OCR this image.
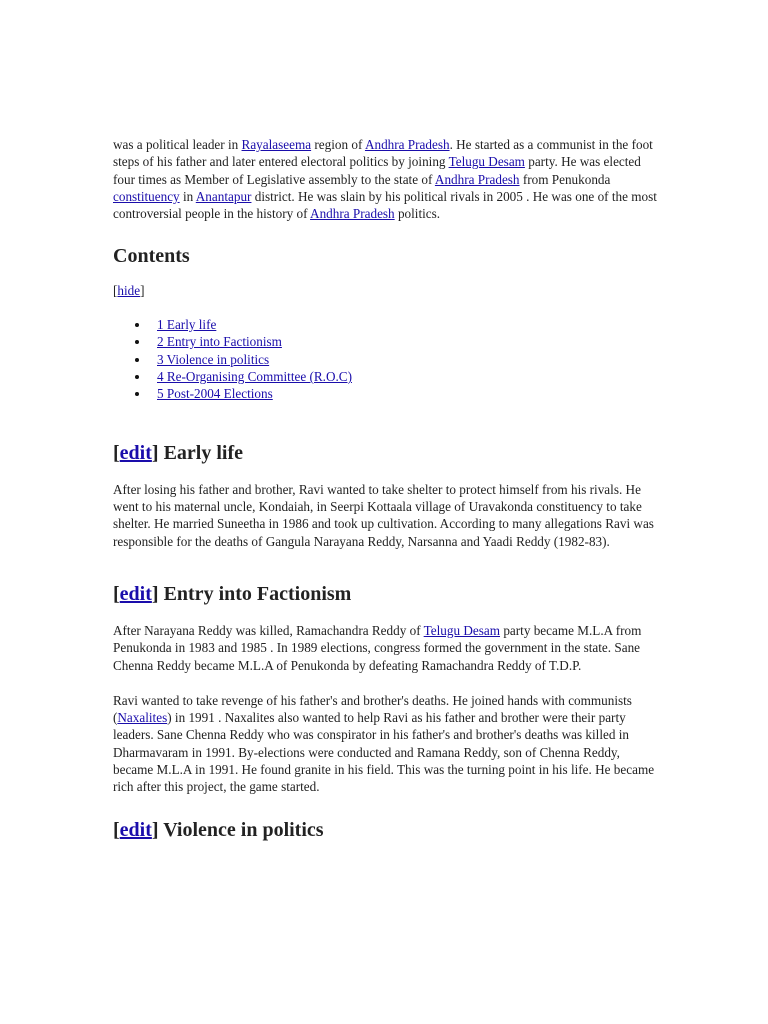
was a political leader in Rayalaseema region of Andhra Pradesh. He started as a communist in the foot steps of his father and later entered electoral politics by joining Telugu Desam party. He was elected four times as Member of Legislative assembly to the state of Andhra Pradesh from Penukonda constituency in Anantapur district. He was slain by his political rivals in 2005 . He was one of the most controversial people in the history of Andhra Pradesh politics.

Contents
[hide]
1 Early life
2 Entry into Factionism
3 Violence in politics
4 Re-Organising Committee (R.O.C)
5 Post-2004 Elections
[edit] Early life

After losing his father and brother, Ravi wanted to take shelter to protect himself from his rivals. He went to his maternal uncle, Kondaiah, in Seerpi Kottaala village of Uravakonda constituency to take shelter. He married Suneetha in 1986 and took up cultivation. According to many allegations Ravi was responsible for the deaths of Gangula Narayana Reddy, Narsanna and Yaadi Reddy (1982-83).

[edit] Entry into Factionism

After Narayana Reddy was killed, Ramachandra Reddy of Telugu Desam party became M.L.A from Penukonda in 1983 and 1985 . In 1989 elections, congress formed the government in the state. Sane Chenna Reddy became M.L.A of Penukonda by defeating Ramachandra Reddy of T.D.P.

Ravi wanted to take revenge of his father's and brother's deaths. He joined hands with communists (Naxalites) in 1991 . Naxalites also wanted to help Ravi as his father and brother were their party leaders. Sane Chenna Reddy who was conspirator in his father's and brother's deaths was killed in Dharmavaram in 1991. By-elections were conducted and Ramana Reddy, son of Chenna Reddy, became M.L.A in 1991. He found granite in his field. This was the turning point in his life. He became rich after this project, the game started.

[edit] Violence in politics
